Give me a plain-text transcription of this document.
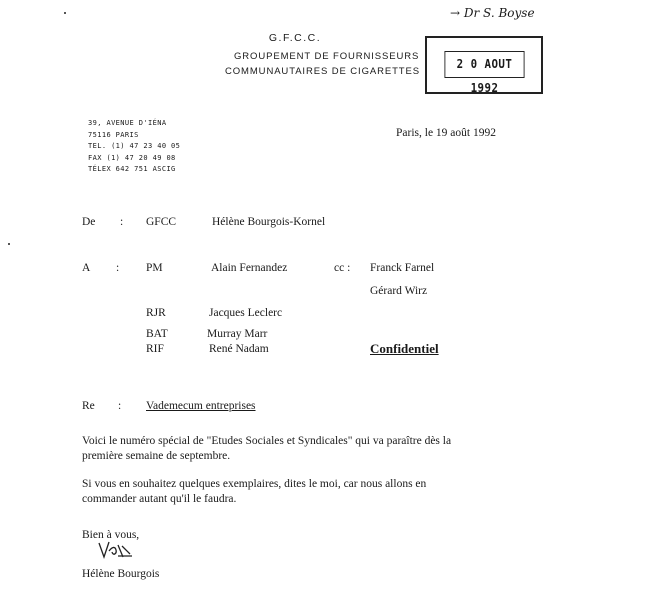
→ Dr S. Boyse
G.F.C.C.
GROUPEMENT DE FOURNISSEURS
COMMUNAUTAIRES DE CIGARETTES
2 0 AOUT 1992
39, AVENUE D'IÉNA
75116 PARIS
TEL. (1) 47 23 40 05
FAX (1) 47 20 49 08
TÉLEX 642 751 ASCIG
Paris, le 19 août 1992
De : GFCC	Hélène Bourgois-Kornel
A : PM	Alain Fernandez	cc : Franck Farnel
Gérard Wirz
RJR	Jacques Leclerc
BAT	Murray Marr
RIF	René Nadam	Confidentiel
Re : Vademecum entreprises
Voici le numéro spécial de "Etudes Sociales et Syndicales" qui va paraître dès la
première semaine de septembre.
Si vous en souhaitez quelques exemplaires, dites le moi, car nous allons en
commander autant qu'il le faudra.
Bien à vous,
Hélène Bourgois
